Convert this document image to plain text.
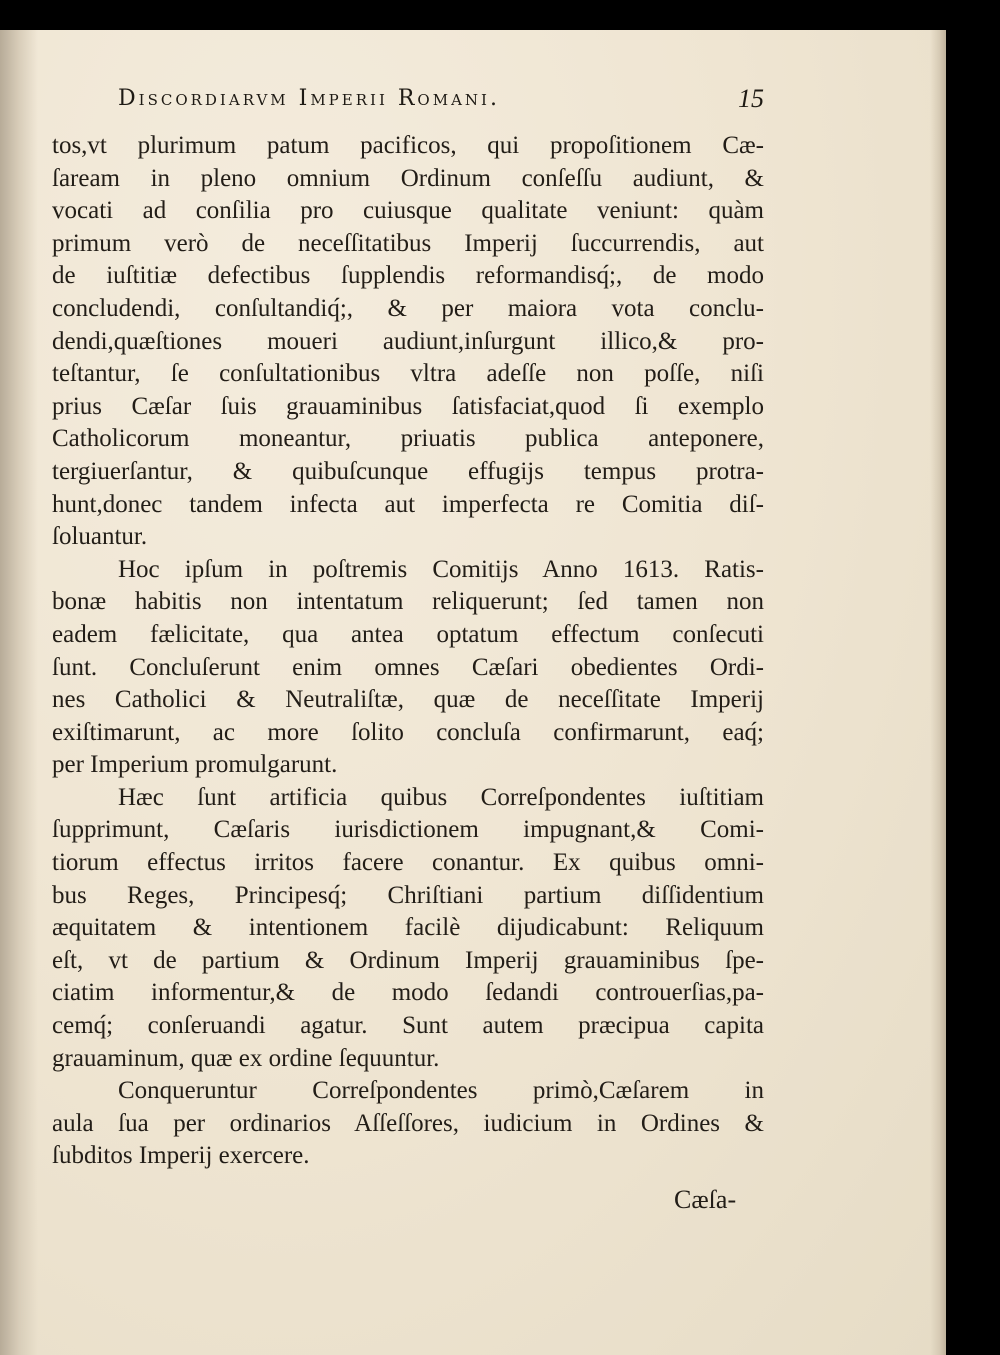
Discordiarvm Imperii Romani.	15
tos,vt plurimum patum pacificos, qui propoſitionem Cæ-
ſaream in pleno omnium Ordinum conſeſſu audiunt, &
vocati ad conſilia pro cuiusque qualitate veniunt: quàm
primum verò de neceſſitatibus Imperij ſuccurrendis, aut
de iuſtitiæ defectibus ſupplendis reformandisq́;, de modo
concludendi, conſultandiq́;, & per maiora vota conclu-
dendi,quæſtiones moueri audiunt,inſurgunt illico,& pro-
teſtantur, ſe conſultationibus vltra adeſſe non poſſe, niſi
prius Cæſar ſuis grauaminibus ſatisfaciat,quod ſi exemplo
Catholicorum moneantur, priuatis publica anteponere,
tergiuerſantur, & quibuſcunque effugijs tempus protra-
hunt,donec tandem infecta aut imperfecta re Comitia diſ-
ſoluantur.
Hoc ipſum in poſtremis Comitijs Anno 1613. Ratis-
bonæ habitis non intentatum reliquerunt; ſed tamen non
eadem fælicitate, qua antea optatum effectum conſecuti
ſunt. Concluſerunt enim omnes Cæſari obedientes Ordi-
nes Catholici & Neutraliſtæ, quæ de neceſſitate Imperij
exiſtimarunt, ac more ſolito concluſa confirmarunt, eaq́;
per Imperium promulgarunt.
Hæc ſunt artificia quibus Correſpondentes iuſtitiam
ſupprimunt, Cæſaris iurisdictionem impugnant,& Comi-
tiorum effectus irritos facere conantur. Ex quibus omni-
bus Reges, Principesq́; Chriſtiani partium diſſidentium
æquitatem & intentionem facilè dijudicabunt: Reliquum
eſt, vt de partium & Ordinum Imperij grauaminibus ſpe-
ciatim informentur,& de modo ſedandi controuerſias,pa-
cemq́; conſeruandi agatur. Sunt autem præcipua capita
grauaminum, quæ ex ordine ſequuntur.
Conqueruntur Correſpondentes primò,Cæſarem in
aula ſua per ordinarios Aſſeſſores, iudicium in Ordines &
ſubditos Imperij exercere.
Cæſa-
